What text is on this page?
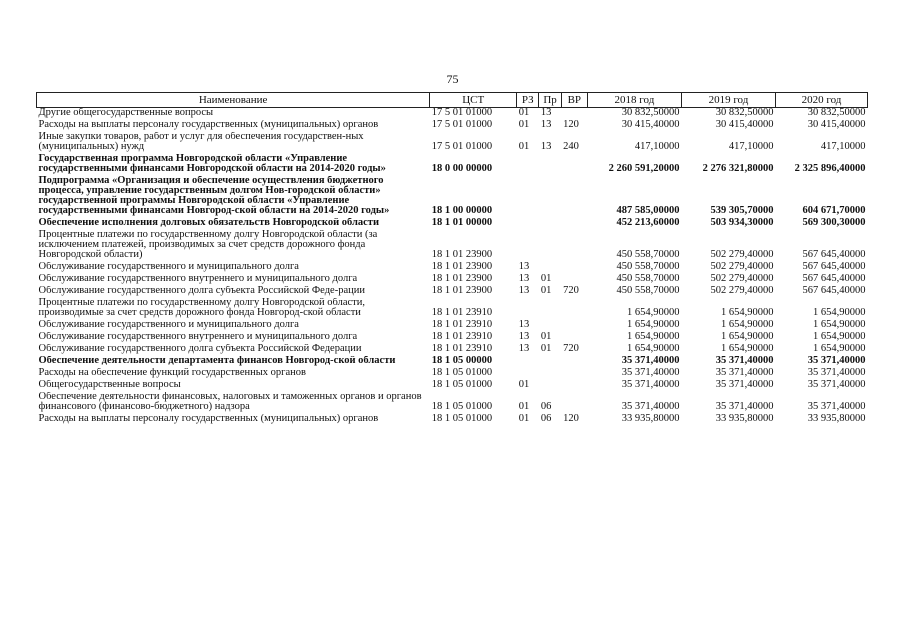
75
Наименование	ЦСТ	РЗ	Пр	ВР	2018 год	2019 год	2020 год
Другие общегосударственные вопросы	17 5 01 01000	01	13		30 832,50000	30 832,50000	30 832,50000
Расходы на выплаты персоналу государственных (муниципальных) органов	17 5 01 01000	01	13	120	30 415,40000	30 415,40000	30 415,40000
Иные закупки товаров, работ и услуг для обеспечения государствен-ных (муниципальных) нужд	17 5 01 01000	01	13	240	417,10000	417,10000	417,10000
Государственная программа Новгородской области «Управление государственными финансами Новгородской области на 2014-2020 годы»	18 0 00 00000				2 260 591,20000	2 276 321,80000	2 325 896,40000
Подпрограмма «Организация и обеспечение осуществления бюджетного процесса, управление государственным долгом Нов-городской области» государственной программы Новгородской области «Управление государственными финансами Новгород-ской области на 2014-2020 годы»	18 1 00 00000				487 585,00000	539 305,70000	604 671,70000
Обеспечение исполнения долговых обязательств Новгородской области	18 1 01 00000				452 213,60000	503 934,30000	569 300,30000
Процентные платежи по государственному долгу Новгородской области (за исключением платежей, производимых за счет средств дорожного фонда Новгородской области)	18 1 01 23900				450 558,70000	502 279,40000	567 645,40000
Обслуживание государственного и муниципального долга	18 1 01 23900	13			450 558,70000	502 279,40000	567 645,40000
Обслуживание государственного внутреннего и муниципального долга	18 1 01 23900	13	01		450 558,70000	502 279,40000	567 645,40000
Обслуживание государственного долга субъекта Российской Феде-рации	18 1 01 23900	13	01	720	450 558,70000	502 279,40000	567 645,40000
Процентные платежи по государственному долгу Новгородской области, производимые за счет средств дорожного фонда Новгород-ской области	18 1 01 23910				1 654,90000	1 654,90000	1 654,90000
Обслуживание государственного и муниципального долга	18 1 01 23910	13			1 654,90000	1 654,90000	1 654,90000
Обслуживание государственного внутреннего и муниципального долга	18 1 01 23910	13	01		1 654,90000	1 654,90000	1 654,90000
Обслуживание государственного долга субъекта Российской Федерации	18 1 01 23910	13	01	720	1 654,90000	1 654,90000	1 654,90000
Обеспечение деятельности департамента финансов Новгород-ской области	18 1 05 00000				35 371,40000	35 371,40000	35 371,40000
Расходы на обеспечение функций государственных органов	18 1 05 01000				35 371,40000	35 371,40000	35 371,40000
Общегосударственные вопросы	18 1 05 01000	01			35 371,40000	35 371,40000	35 371,40000
Обеспечение деятельности финансовых, налоговых и таможенных органов и органов финансового (финансово-бюджетного) надзора	18 1 05 01000	01	06		35 371,40000	35 371,40000	35 371,40000
Расходы на выплаты персоналу государственных (муниципальных) органов	18 1 05 01000	01	06	120	33 935,80000	33 935,80000	33 935,80000
